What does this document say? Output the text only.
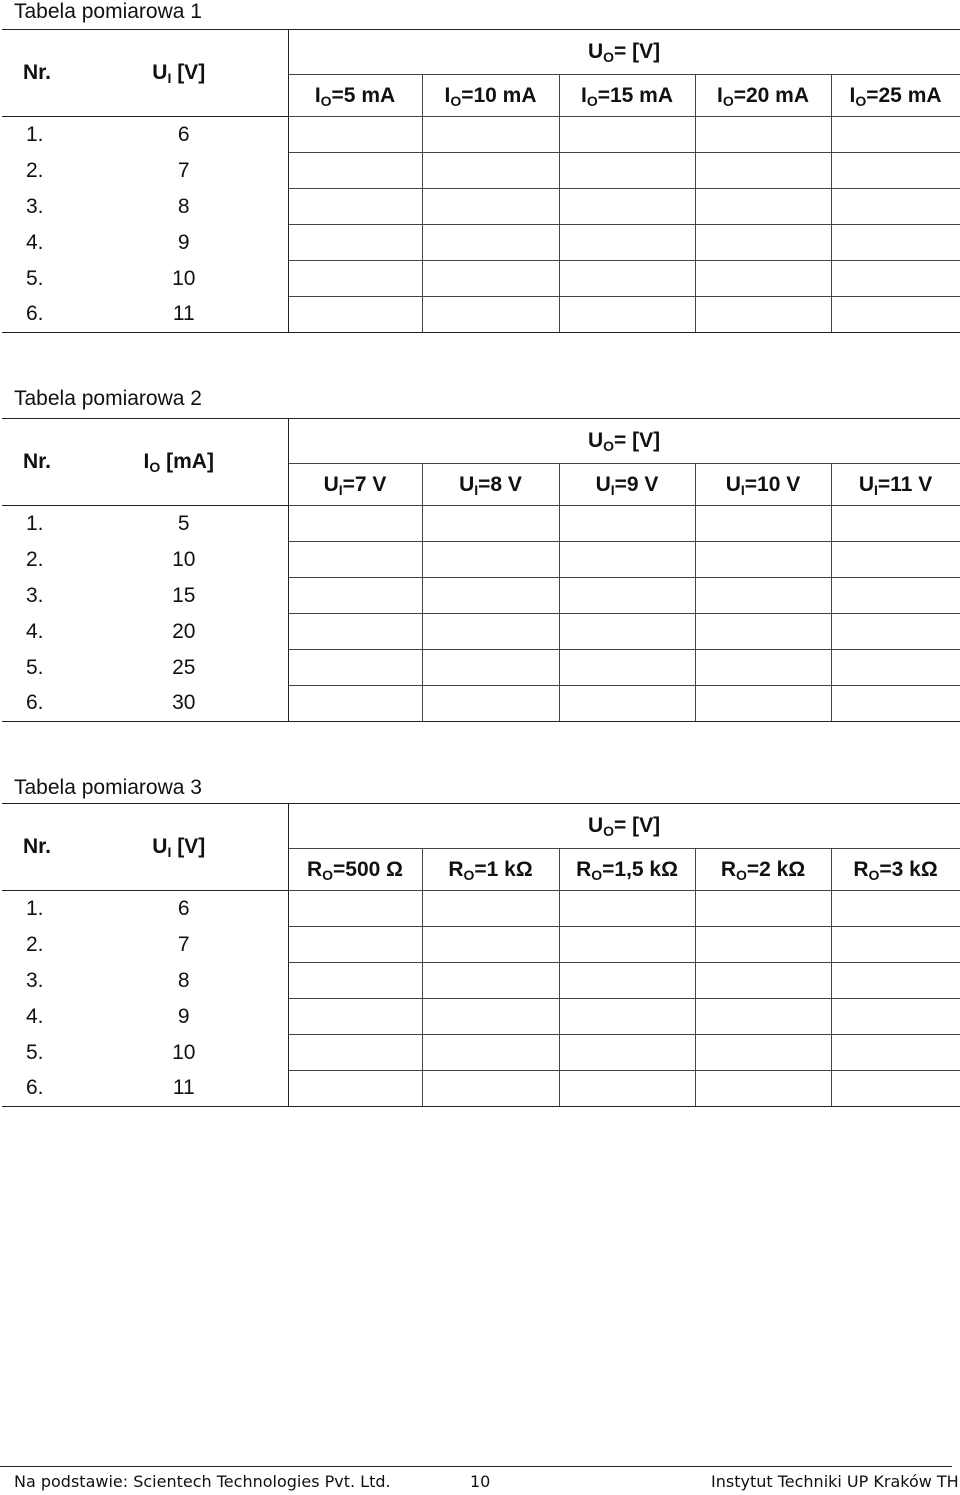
Tabela pomiarowa 1
Nr.	$U_I$ [V]	$U_O= [V]$				
		$I_O=5$ mA	$I_O=10$ mA	$I_O=15$ mA	$I_O=20$ mA	$I_O=25$ mA
1.	6					
2.	7					
3.	8					
4.	9					
5.	10					
6.	11					
Tabela pomiarowa 2
Nr.	$I_O$ [mA]	$U_O= [V]$				
		$U_I=7$ V	$U_I=8$ V	$U_I=9$ V	$U_I=10$ V	$U_I=11$ V
1.	5					
2.	10					
3.	15					
4.	20					
5.	25					
6.	30					
Tabela pomiarowa 3
Nr.	$U_I$ [V]	$U_O= [V]$				
		$R_O=500$ Ω	$R_O=1$ kΩ	$R_O=1,5$ kΩ	$R_O=2$ kΩ	$R_O=3$ kΩ
1.	6					
2.	7					
3.	8					
4.	9					
5.	10					
6.	11					
Na podstawie: Scientech Technologies Pvt. Ltd.	10	Instytut Techniki UP Kraków TH
